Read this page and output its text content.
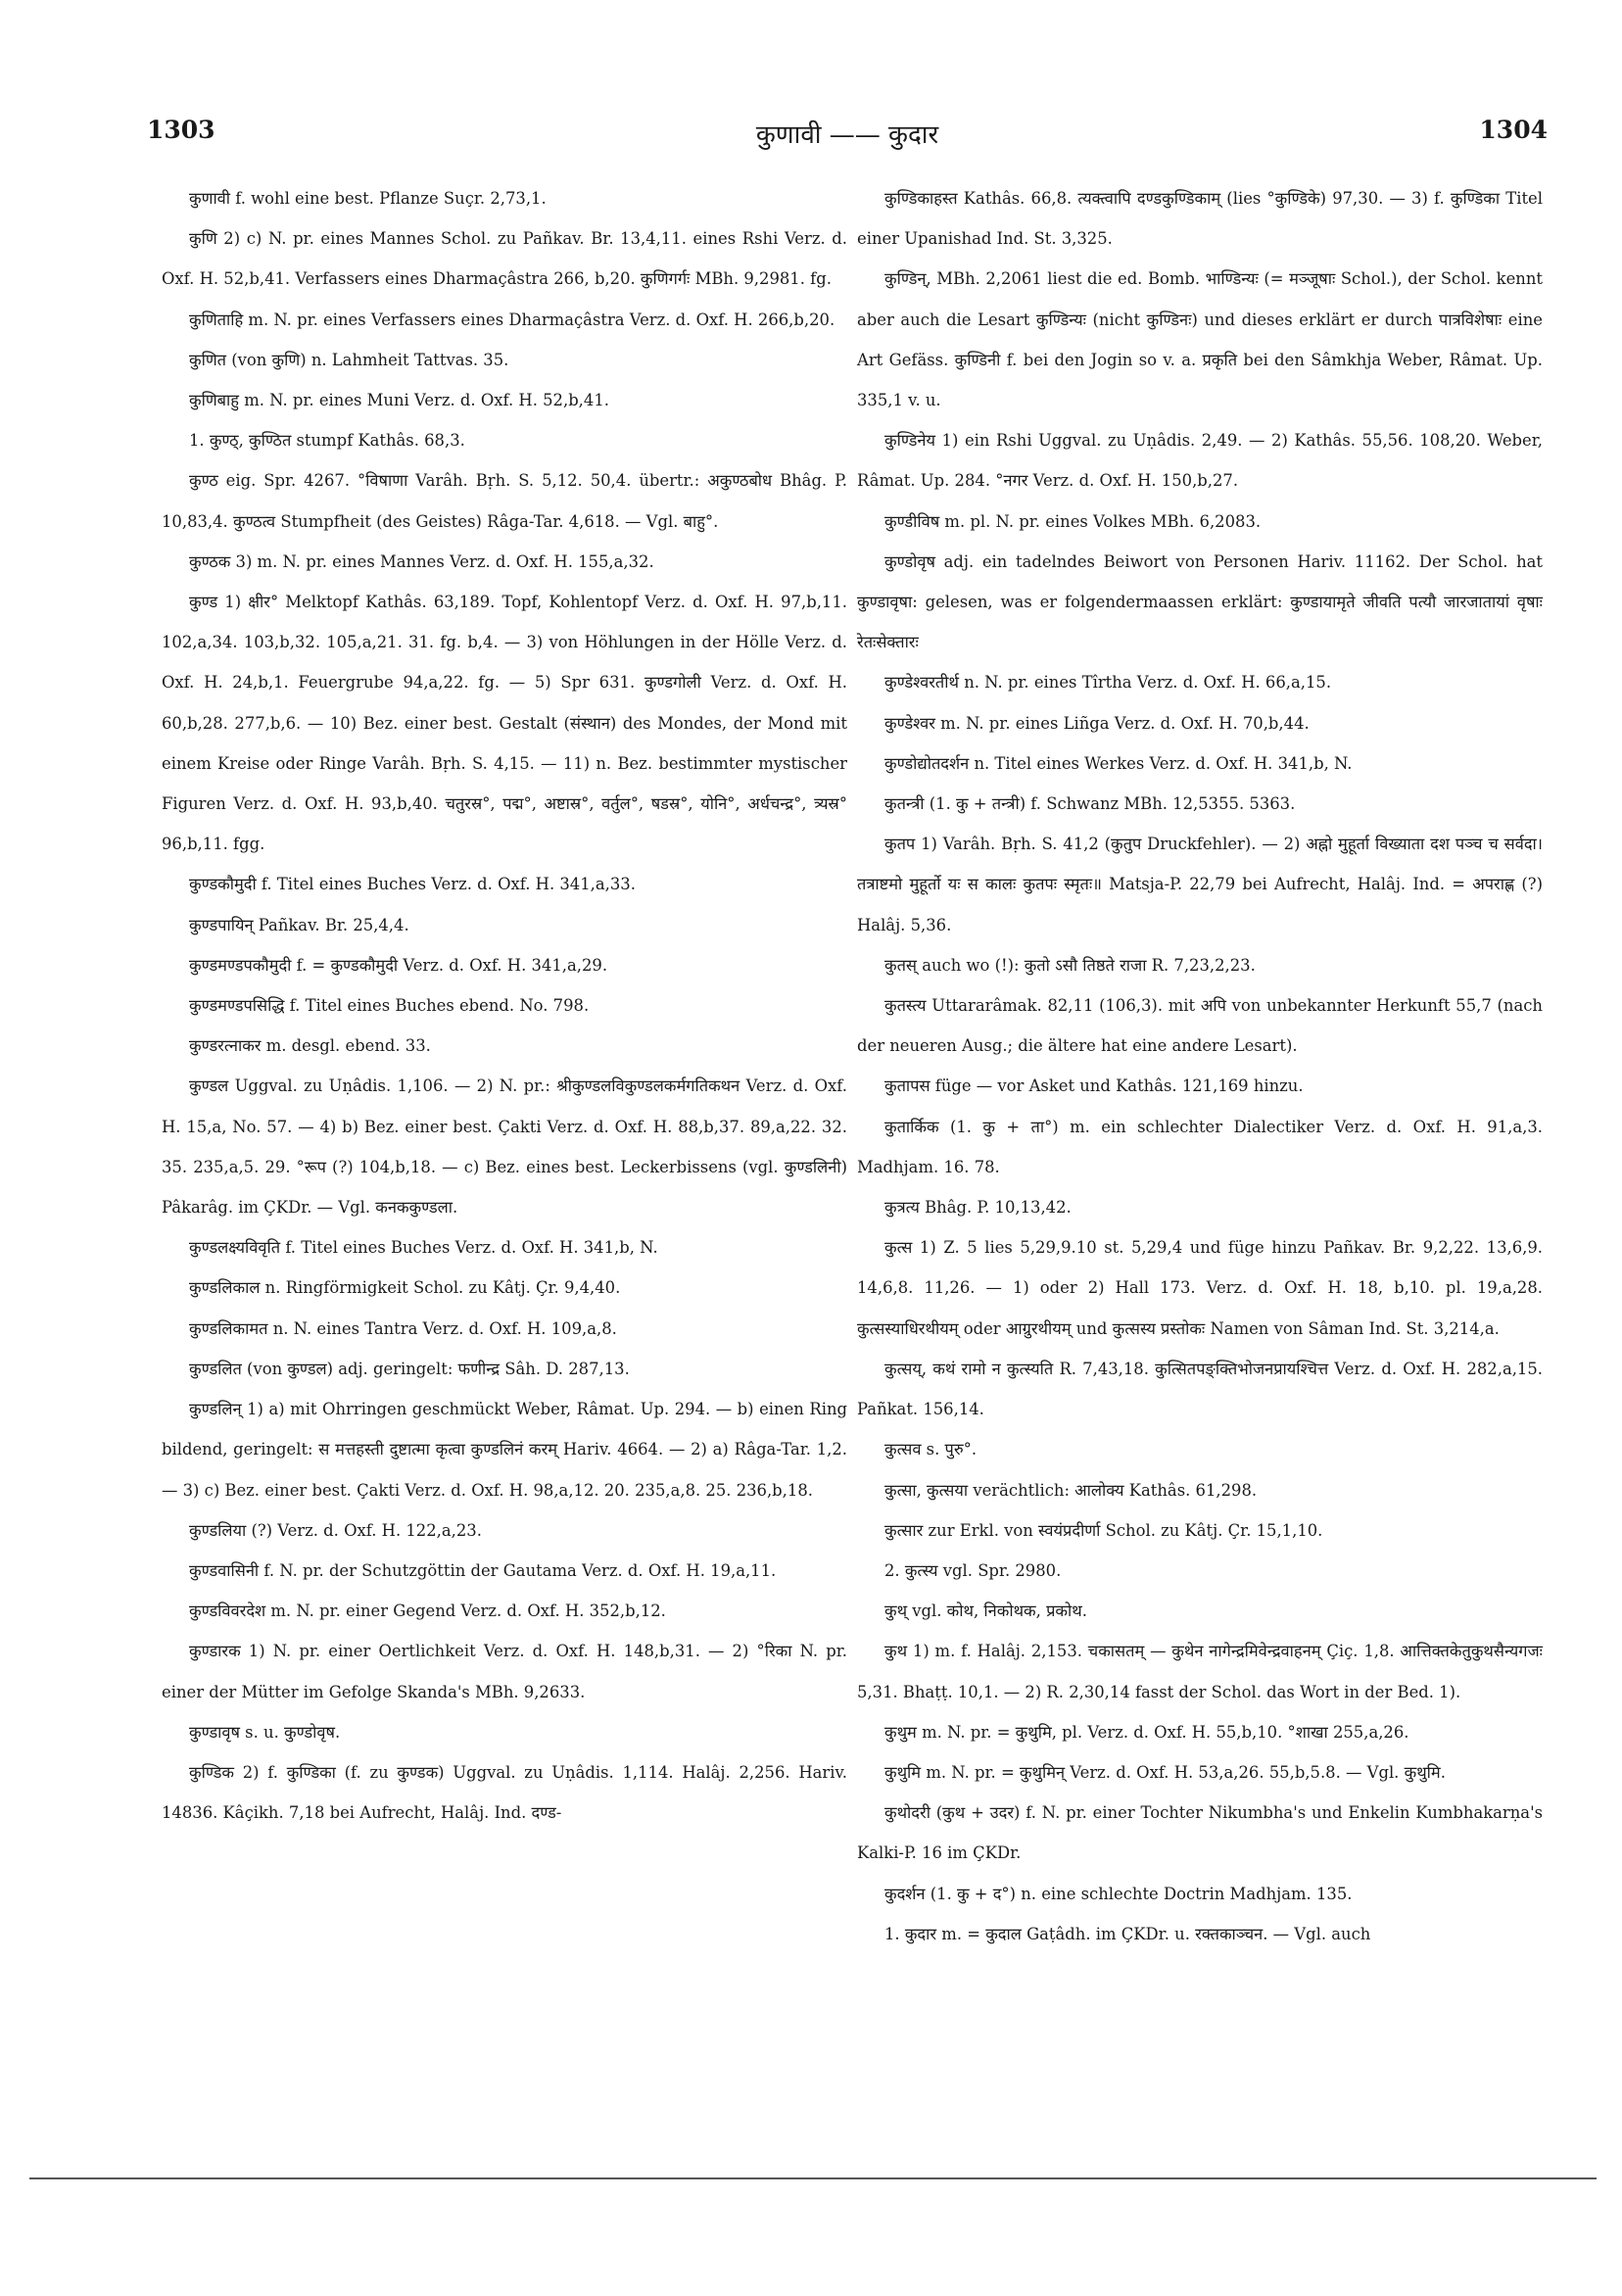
1303	कुणावी —— कुदार	1304

कुणावी f. wohl eine best. Pflanze Suçr. 2,73,1.

कुणि 2) c) N. pr. eines Mannes Schol. zu Pañkav. Br. 13,4,11. eines Rshi Verz. d. Oxf. H. 52,b,41. Verfassers eines Dharmaçâstra 266, b,20. कुणिगर्गः MBh. 9,2981. fg.

कुणिताहि m. N. pr. eines Verfassers eines Dharmaçâstra Verz. d. Oxf. H. 266,b,20.

कुणित (von कुणि) n. Lahmheit Tattvas. 35.

कुणिबाहु m. N. pr. eines Muni Verz. d. Oxf. H. 52,b,41.

1. कुण्ठ्, कुण्ठित stumpf Kathâs. 68,3.

कुण्ठ eig. Spr. 4267. °विषाणा Varâh. Bṛh. S. 5,12. 50,4. übertr.: अकुण्ठबोध Bhâg. P. 10,83,4. कुण्ठत्व Stumpfheit (des Geistes) Râga-Tar. 4,618. — Vgl. बाहु°.

कुण्ठक 3) m. N. pr. eines Mannes Verz. d. Oxf. H. 155,a,32.

कुण्ड 1) क्षीर° Melktopf Kathâs. 63,189. Topf, Kohlentopf Verz. d. Oxf. H. 97,b,11. 102,a,34. 103,b,32. 105,a,21. 31. fg. b,4. — 3) von Höhlungen in der Hölle Verz. d. Oxf. H. 24,b,1. Feuergrube 94,a,22. fg. — 5) Spr 631. कुण्डगोली Verz. d. Oxf. H. 60,b,28. 277,b,6. — 10) Bez. einer best. Gestalt (संस्थान) des Mondes, der Mond mit einem Kreise oder Ringe Varâh. Bṛh. S. 4,15. — 11) n. Bez. bestimmter mystischer Figuren Verz. d. Oxf. H. 93,b,40. चतुरस्र°, पद्म°, अष्टास्र°, वर्तुल°, षडस्र°, योनि°, अर्धचन्द्र°, त्र्यस्र° 96,b,11. fgg.

कुण्डकौमुदी f. Titel eines Buches Verz. d. Oxf. H. 341,a,33.

कुण्डपायिन् Pañkav. Br. 25,4,4.

कुण्डमण्डपकौमुदी f. = कुण्डकौमुदी Verz. d. Oxf. H. 341,a,29.

कुण्डमण्डपसिद्धि f. Titel eines Buches ebend. No. 798.

कुण्डरत्नाकर m. desgl. ebend. 33.

कुण्डल Uggval. zu Uṇâdis. 1,106. — 2) N. pr.: श्रीकुण्डलविकुण्डलकर्मगतिकथन Verz. d. Oxf. H. 15,a, No. 57. — 4) b) Bez. einer best. Çakti Verz. d. Oxf. H. 88,b,37. 89,a,22. 32. 35. 235,a,5. 29. °रूप (?) 104,b,18. — c) Bez. eines best. Leckerbissens (vgl. कुण्डलिनी) Pâkarâg. im ÇKDr. — Vgl. कनककुण्डला.

कुण्डलक्ष्यविवृति f. Titel eines Buches Verz. d. Oxf. H. 341,b, N.

कुण्डलिकाल n. Ringförmigkeit Schol. zu Kâtj. Çr. 9,4,40.

कुण्डलिकामत n. N. eines Tantra Verz. d. Oxf. H. 109,a,8.

कुण्डलित (von कुण्डल) adj. geringelt: फणीन्द्र Sâh. D. 287,13.

कुण्डलिन् 1) a) mit Ohrringen geschmückt Weber, Râmat. Up. 294. — b) einen Ring bildend, geringelt: स मत्तहस्ती दुष्टात्मा कृत्वा कुण्डलिनं करम् Hariv. 4664. — 2) a) Râga-Tar. 1,2. — 3) c) Bez. einer best. Çakti Verz. d. Oxf. H. 98,a,12. 20. 235,a,8. 25. 236,b,18.

कुण्डलिया (?) Verz. d. Oxf. H. 122,a,23.

कुण्डवासिनी f. N. pr. der Schutzgöttin der Gautama Verz. d. Oxf. H. 19,a,11.

कुण्डविवरदेश m. N. pr. einer Gegend Verz. d. Oxf. H. 352,b,12.

कुण्डारक 1) N. pr. einer Oertlichkeit Verz. d. Oxf. H. 148,b,31. — 2) °रिका N. pr. einer der Mütter im Gefolge Skanda's MBh. 9,2633.

कुण्डावृष s. u. कुण्डोवृष.

कुण्डिक 2) f. कुण्डिका (f. zu कुण्डक) Uggval. zu Uṇâdis. 1,114. Halâj. 2,256. Hariv. 14836. Kâçikh. 7,18 bei Aufrecht, Halâj. Ind. दण्ड-

कुण्डिकाहस्त Kathâs. 66,8. त्यक्त्वापि दण्डकुण्डिकाम् (lies °कुण्डिके) 97,30. — 3) f. कुण्डिका Titel einer Upanishad Ind. St. 3,325.

कुण्डिन्, MBh. 2,2061 liest die ed. Bomb. भाण्डिन्यः (= मञ्जूषाः Schol.), der Schol. kennt aber auch die Lesart कुण्डिन्यः (nicht कुण्डिनः) und dieses erklärt er durch पात्रविशेषाः eine Art Gefäss. कुण्डिनी f. bei den Jogin so v. a. प्रकृति bei den Sâmkhja Weber, Râmat. Up. 335,1 v. u.

कुण्डिनेय 1) ein Rshi Uggval. zu Uṇâdis. 2,49. — 2) Kathâs. 55,56. 108,20. Weber, Râmat. Up. 284. °नगर Verz. d. Oxf. H. 150,b,27.

कुण्डीविष m. pl. N. pr. eines Volkes MBh. 6,2083.

कुण्डोवृष adj. ein tadelndes Beiwort von Personen Hariv. 11162. Der Schol. hat कुण्डावृषा: gelesen, was er folgendermaassen erklärt: कुण्डायामृते जीवति पत्यौ जारजातायां वृषाः रेतःसेक्तारः

कुण्डेश्वरतीर्थ n. N. pr. eines Tîrtha Verz. d. Oxf. H. 66,a,15.

कुण्डेश्वर m. N. pr. eines Liñga Verz. d. Oxf. H. 70,b,44.

कुण्डोद्योतदर्शन n. Titel eines Werkes Verz. d. Oxf. H. 341,b, N.

कुतन्त्री (1. कु + तन्त्री) f. Schwanz MBh. 12,5355. 5363.

कुतप 1) Varâh. Bṛh. S. 41,2 (कुतुप Druckfehler). — 2) अह्नो मुहूर्ता विख्याता दश पञ्च च सर्वदा। तत्राष्टमो मुहूर्तो यः स कालः कुतपः स्मृतः॥ Matsja-P. 22,79 bei Aufrecht, Halâj. Ind. = अपराह्ण (?) Halâj. 5,36.

कुतस् auch wo (!): कुतो ऽसौ तिष्ठते राजा R. 7,23,2,23.

कुतस्त्य Uttararâmak. 82,11 (106,3). mit अपि von unbekannter Herkunft 55,7 (nach der neueren Ausg.; die ältere hat eine andere Lesart).

कुतापस füge — vor Asket und Kathâs. 121,169 hinzu.

कुतार्किक (1. कु + ता°) m. ein schlechter Dialectiker Verz. d. Oxf. H. 91,a,3. Madhjam. 16. 78.

कुत्रत्य Bhâg. P. 10,13,42.

कुत्स 1) Z. 5 lies 5,29,9.10 st. 5,29,4 und füge hinzu Pañkav. Br. 9,2,22. 13,6,9. 14,6,8. 11,26. — 1) oder 2) Hall 173. Verz. d. Oxf. H. 18, b,10. pl. 19,a,28. कुत्सस्याधिरथीयम् oder आग्रुरथीयम् und कुत्सस्य प्रस्तोकः Namen von Sâman Ind. St. 3,214,a.

कुत्सय्, कथं रामो न कुत्स्यति R. 7,43,18. कुत्सितपङ्क्तिभोजनप्रायश्चित्त Verz. d. Oxf. H. 282,a,15. Pañkat. 156,14.

कुत्सव s. पुरु°.

कुत्सा, कुत्सया verächtlich: आलोक्य Kathâs. 61,298.

कुत्सार zur Erkl. von स्वयंप्रदीर्णा Schol. zu Kâtj. Çr. 15,1,10.

2. कुत्स्य vgl. Spr. 2980.

कुथ् vgl. कोथ, निकोथक, प्रकोथ.

कुथ 1) m. f. Halâj. 2,153. चकासतम् — कुथेन नागेन्द्रमिवेन्द्रवाहनम् Çiç. 1,8. आत्तिक्तकेतुकुथसैन्यगजः 5,31. Bhaṭṭ. 10,1. — 2) R. 2,30,14 fasst der Schol. das Wort in der Bed. 1).

कुथुम m. N. pr. = कुथुमि, pl. Verz. d. Oxf. H. 55,b,10. °शाखा 255,a,26.

कुथुमि m. N. pr. = कुथुमिन् Verz. d. Oxf. H. 53,a,26. 55,b,5.8. — Vgl. कुथुमि.

कुथोदरी (कुथ + उदर) f. N. pr. einer Tochter Nikumbha's und Enkelin Kumbhakarṇa's Kalki-P. 16 im ÇKDr.

कुदर्शन (1. कु + द°) n. eine schlechte Doctrin Madhjam. 135.

1. कुदार m. = कुदाल Gaṭâdh. im ÇKDr. u. रक्तकाञ्चन. — Vgl. auch
